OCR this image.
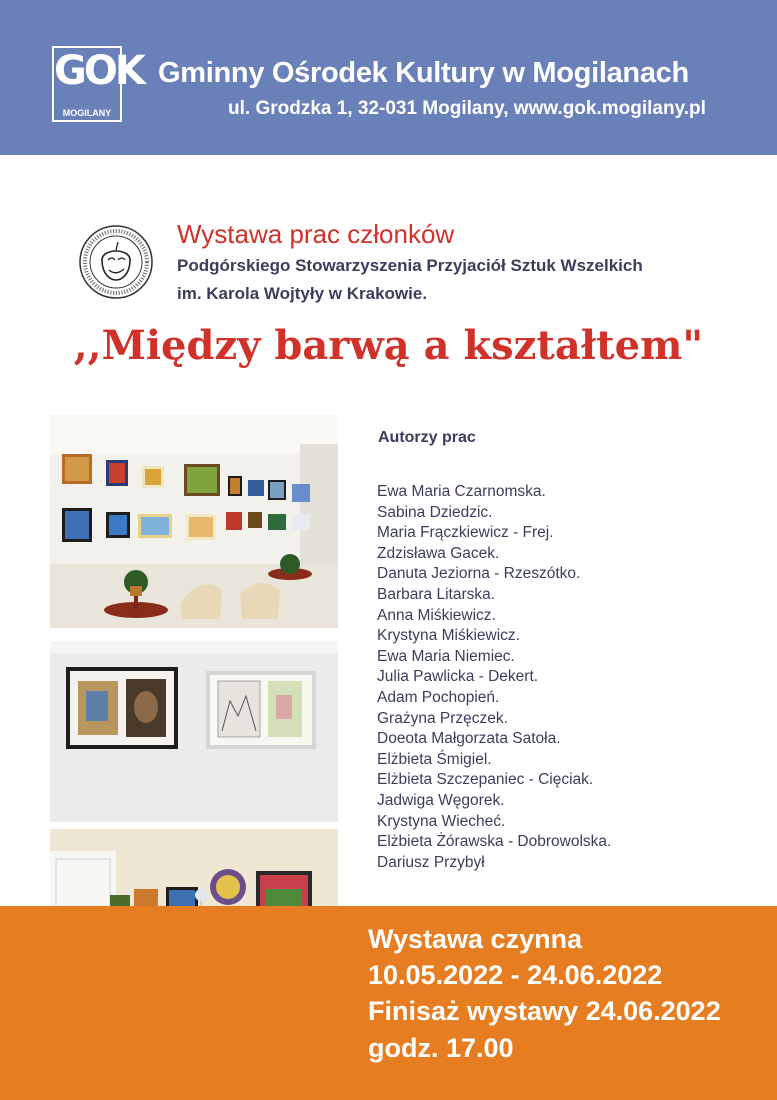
GOK
MOGILANY
Gminny Ośrodek Kultury w Mogilanach
ul. Grodzka 1, 32-031 Mogilany, www.gok.mogilany.pl
Wystawa prac członków
Podgórskiego Stowarzyszenia Przyjaciół Sztuk Wszelkich
im. Karola Wojtyły w Krakowie.
,,Między barwą a kształtem"
Autorzy prac
Ewa Maria Czarnomska.
Sabina Dziedzic.
Maria Frączkiewicz - Frej.
Zdzisława Gacek.
Danuta Jeziorna - Rzeszótko.
Barbara Litarska.
Anna Miśkiewicz.
Krystyna Miśkiewicz.
Ewa Maria Niemiec.
Julia Pawlicka - Dekert.
Adam Pochopień.
Grażyna Przęczek.
Doeota Małgorzata Satoła.
Elżbieta Śmigiel.
Elżbieta Szczepaniec - Cięciak.
Jadwiga Węgorek.
Krystyna Wiecheć.
Elżbieta Żórawska - Dobrowolska.
Dariusz Przybył
Wystawa czynna
10.05.2022 - 24.06.2022
Finisaż wystawy 24.06.2022
godz. 17.00
